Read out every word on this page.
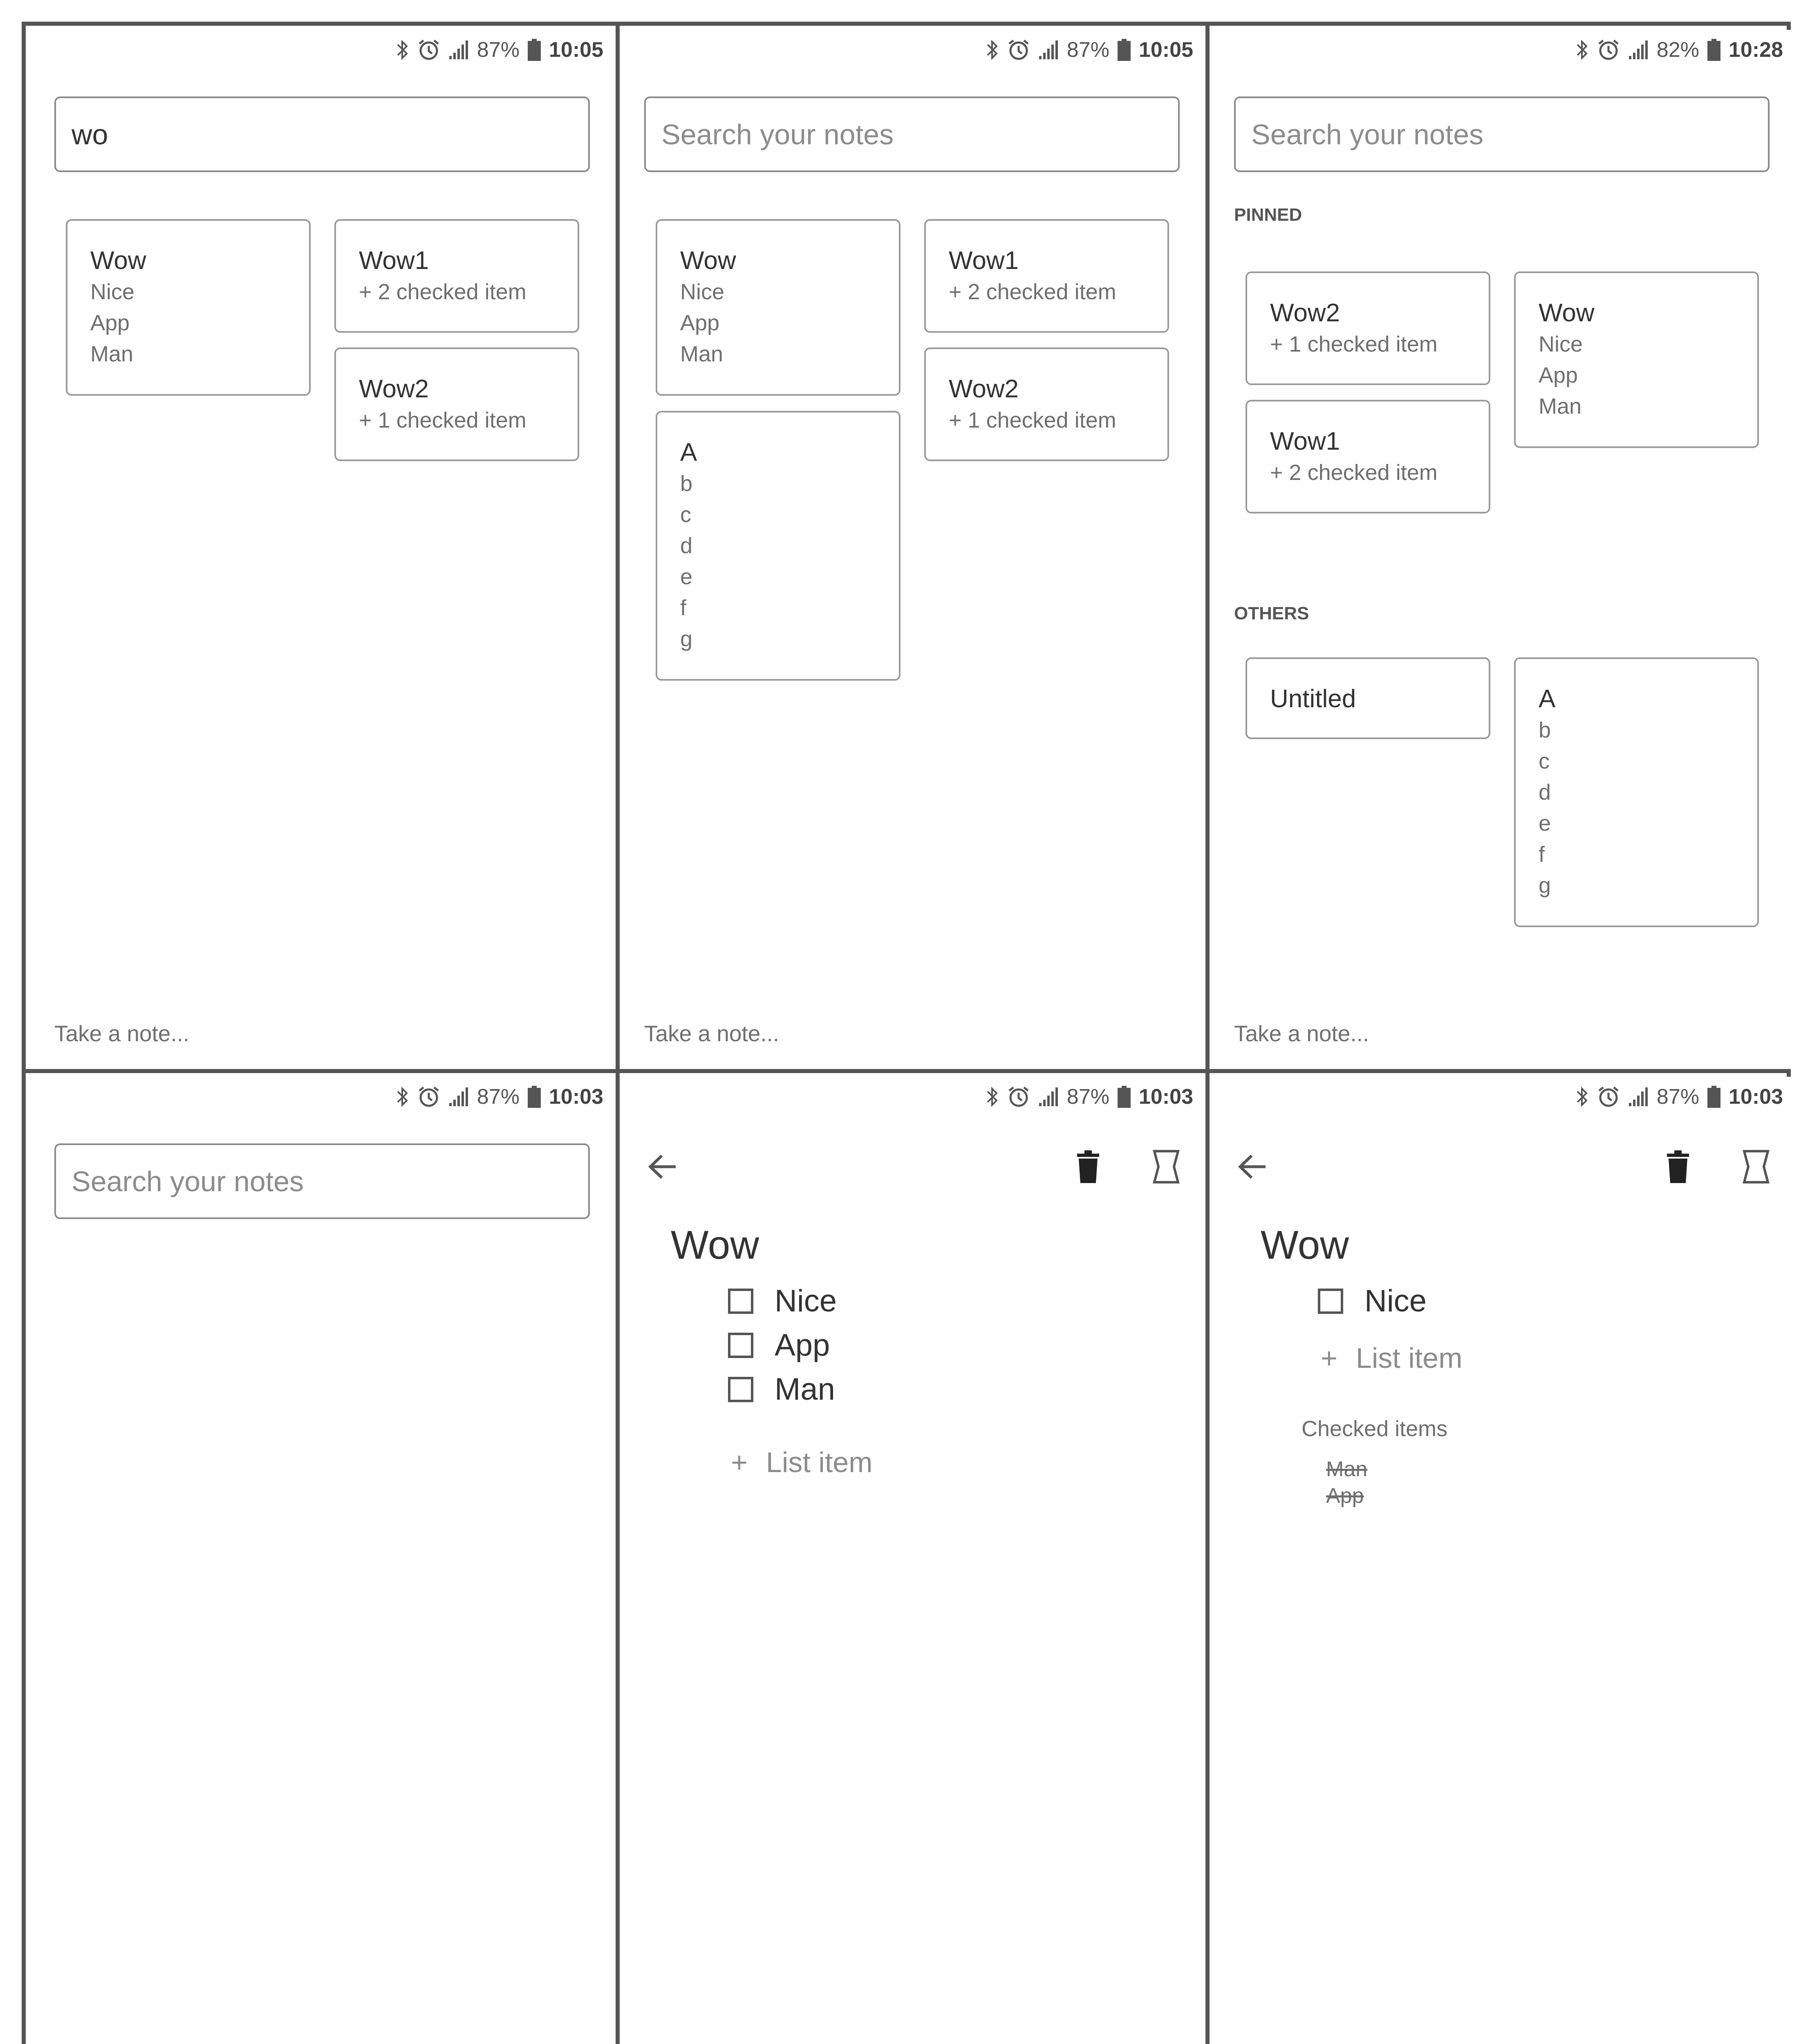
87% 10:05
wo
Wow
Nice
App
Man
Wow1
+ 2 checked item
Wow2
+ 1 checked item
Take a note...
87% 10:05
Search your notes
Wow
Nice
App
Man
Wow1
+ 2 checked item
Wow2
+ 1 checked item
A
b
c
d
e
f
g
Take a note...
82% 10:28
Search your notes
PINNED
Wow2
+ 1 checked item
Wow1
+ 2 checked item
Wow
Nice
App
Man
OTHERS
Untitled	A
b
c
d
e
f
g
Take a note...
87% 10:03
Search your notes
87% 10:03
Wow
Nice
App
Man
+ List item
87% 10:03
Wow
Nice
+ List item
Checked items
Man
App
